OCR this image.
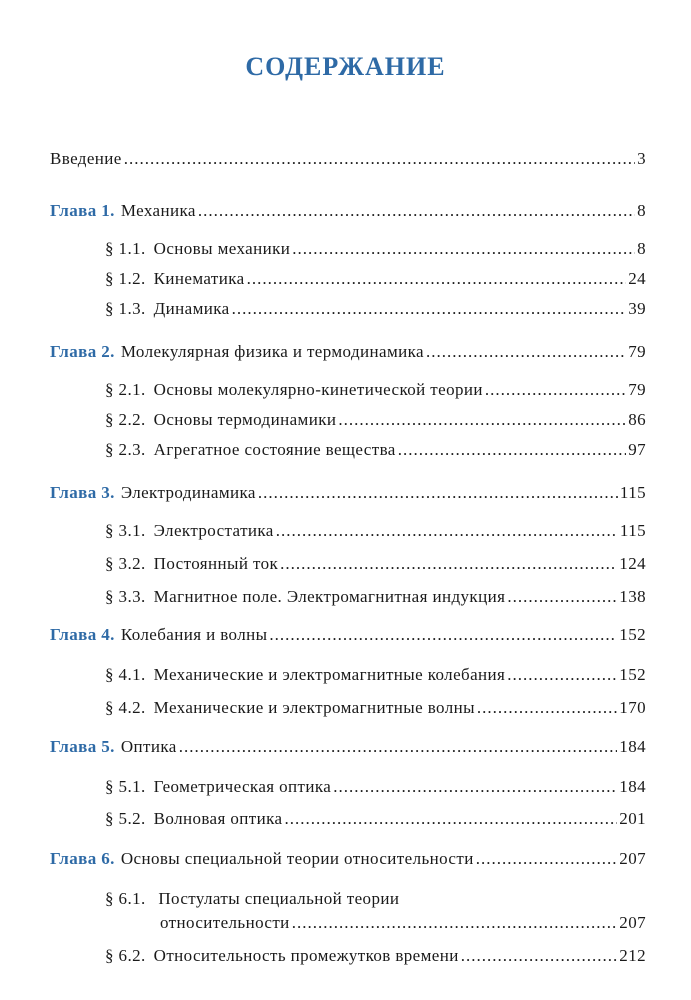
СОДЕРЖАНИЕ
Введение .....	3
Глава 1. Механика .....	8
§ 1.1. Основы механики .....	8
§ 1.2. Кинематика .....	24
§ 1.3. Динамика .....	39
Глава 2. Молекулярная физика и термодинамика .....	79
§ 2.1. Основы молекулярно-кинетической теории .....	79
§ 2.2. Основы термодинамики .....	86
§ 2.3. Агрегатное состояние вещества .....	97
Глава 3. Электродинамика .....	115
§ 3.1. Электростатика .....	115
§ 3.2. Постоянный ток .....	124
§ 3.3. Магнитное поле. Электромагнитная индукция .....	138
Глава 4. Колебания и волны .....	152
§ 4.1. Механические и электромагнитные колебания .....	152
§ 4.2. Механические и электромагнитные волны .....	170
Глава 5. Оптика .....	184
§ 5.1. Геометрическая оптика .....	184
§ 5.2. Волновая оптика .....	201
Глава 6. Основы специальной теории относительности .....	207
§ 6.1. Постулаты специальной теории
относительности .....	207
§ 6.2. Относительность промежутков времени .....	212
